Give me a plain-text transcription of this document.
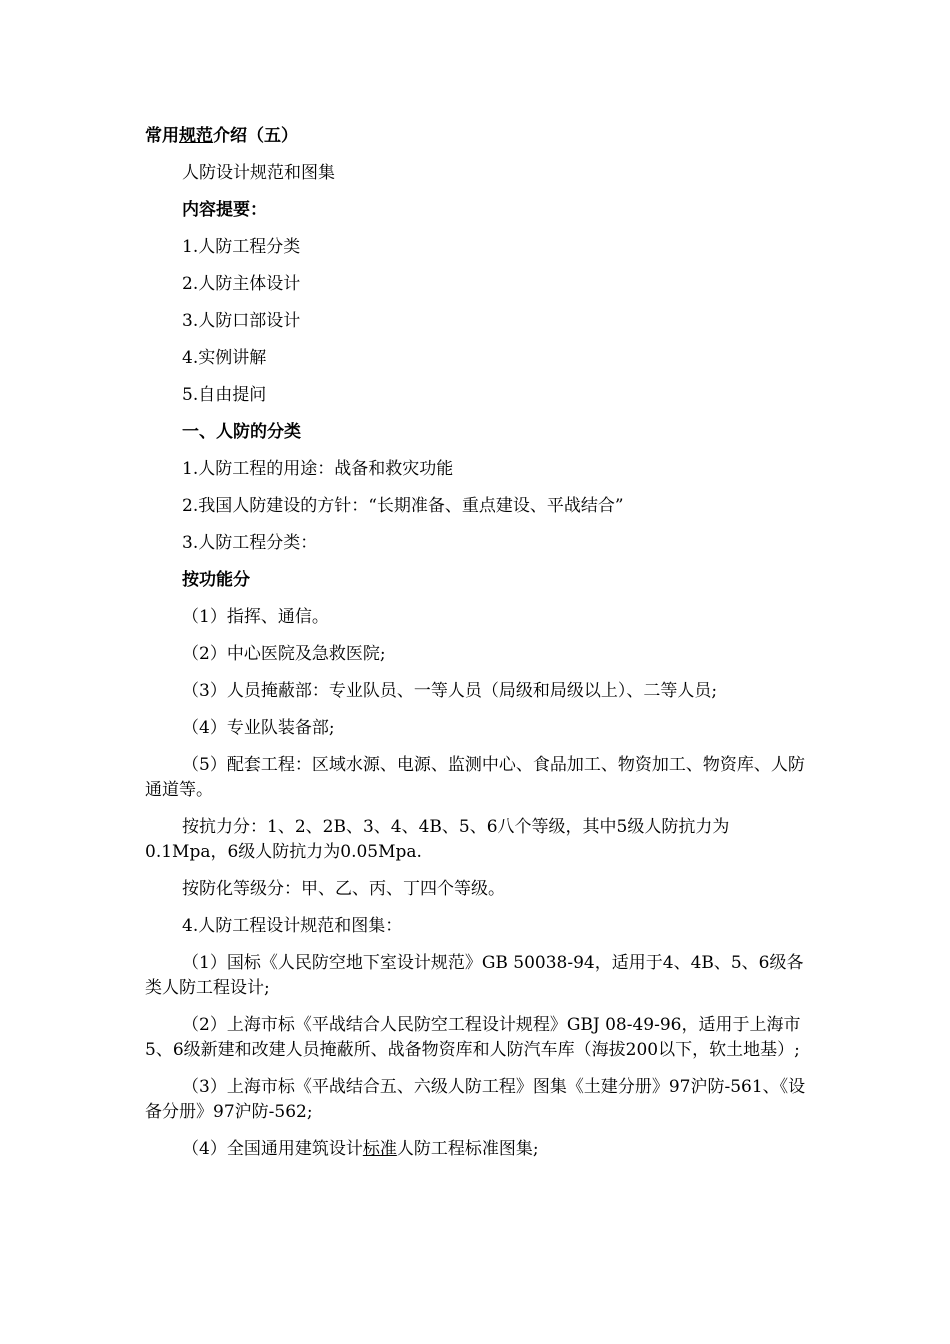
常用规范介绍（五）
人防设计规范和图集
内容提要：
1.人防工程分类
2.人防主体设计
3.人防口部设计
4.实例讲解
5.自由提问
一、人防的分类
1.人防工程的用途：战备和救灾功能
2.我国人防建设的方针：“长期准备、重点建设、平战结合”
3.人防工程分类：
按功能分
（1）指挥、通信。
（2）中心医院及急救医院;
（3）人员掩蔽部：专业队员、一等人员（局级和局级以上）、二等人员;
（4）专业队装备部;
（5）配套工程：区域水源、电源、监测中心、食品加工、物资加工、物资库、人防通道等。
按抗力分：1、2、2B、3、4、4B、5、6八个等级，其中5级人防抗力为0.1Mpa，6级人防抗力为0.05Mpa.
按防化等级分：甲、乙、丙、丁四个等级。
4.人防工程设计规范和图集：
（1）国标《人民防空地下室设计规范》GB 50038-94，适用于4、4B、5、6级各类人防工程设计;
（2）上海市标《平战结合人民防空工程设计规程》GBJ 08-49-96，适用于上海市5、6级新建和改建人员掩蔽所、战备物资库和人防汽车库（海拔200以下，软土地基）;
（3）上海市标《平战结合五、六级人防工程》图集《土建分册》97沪防-561、《设备分册》97沪防-562;
（4）全国通用建筑设计标准人防工程标准图集;
